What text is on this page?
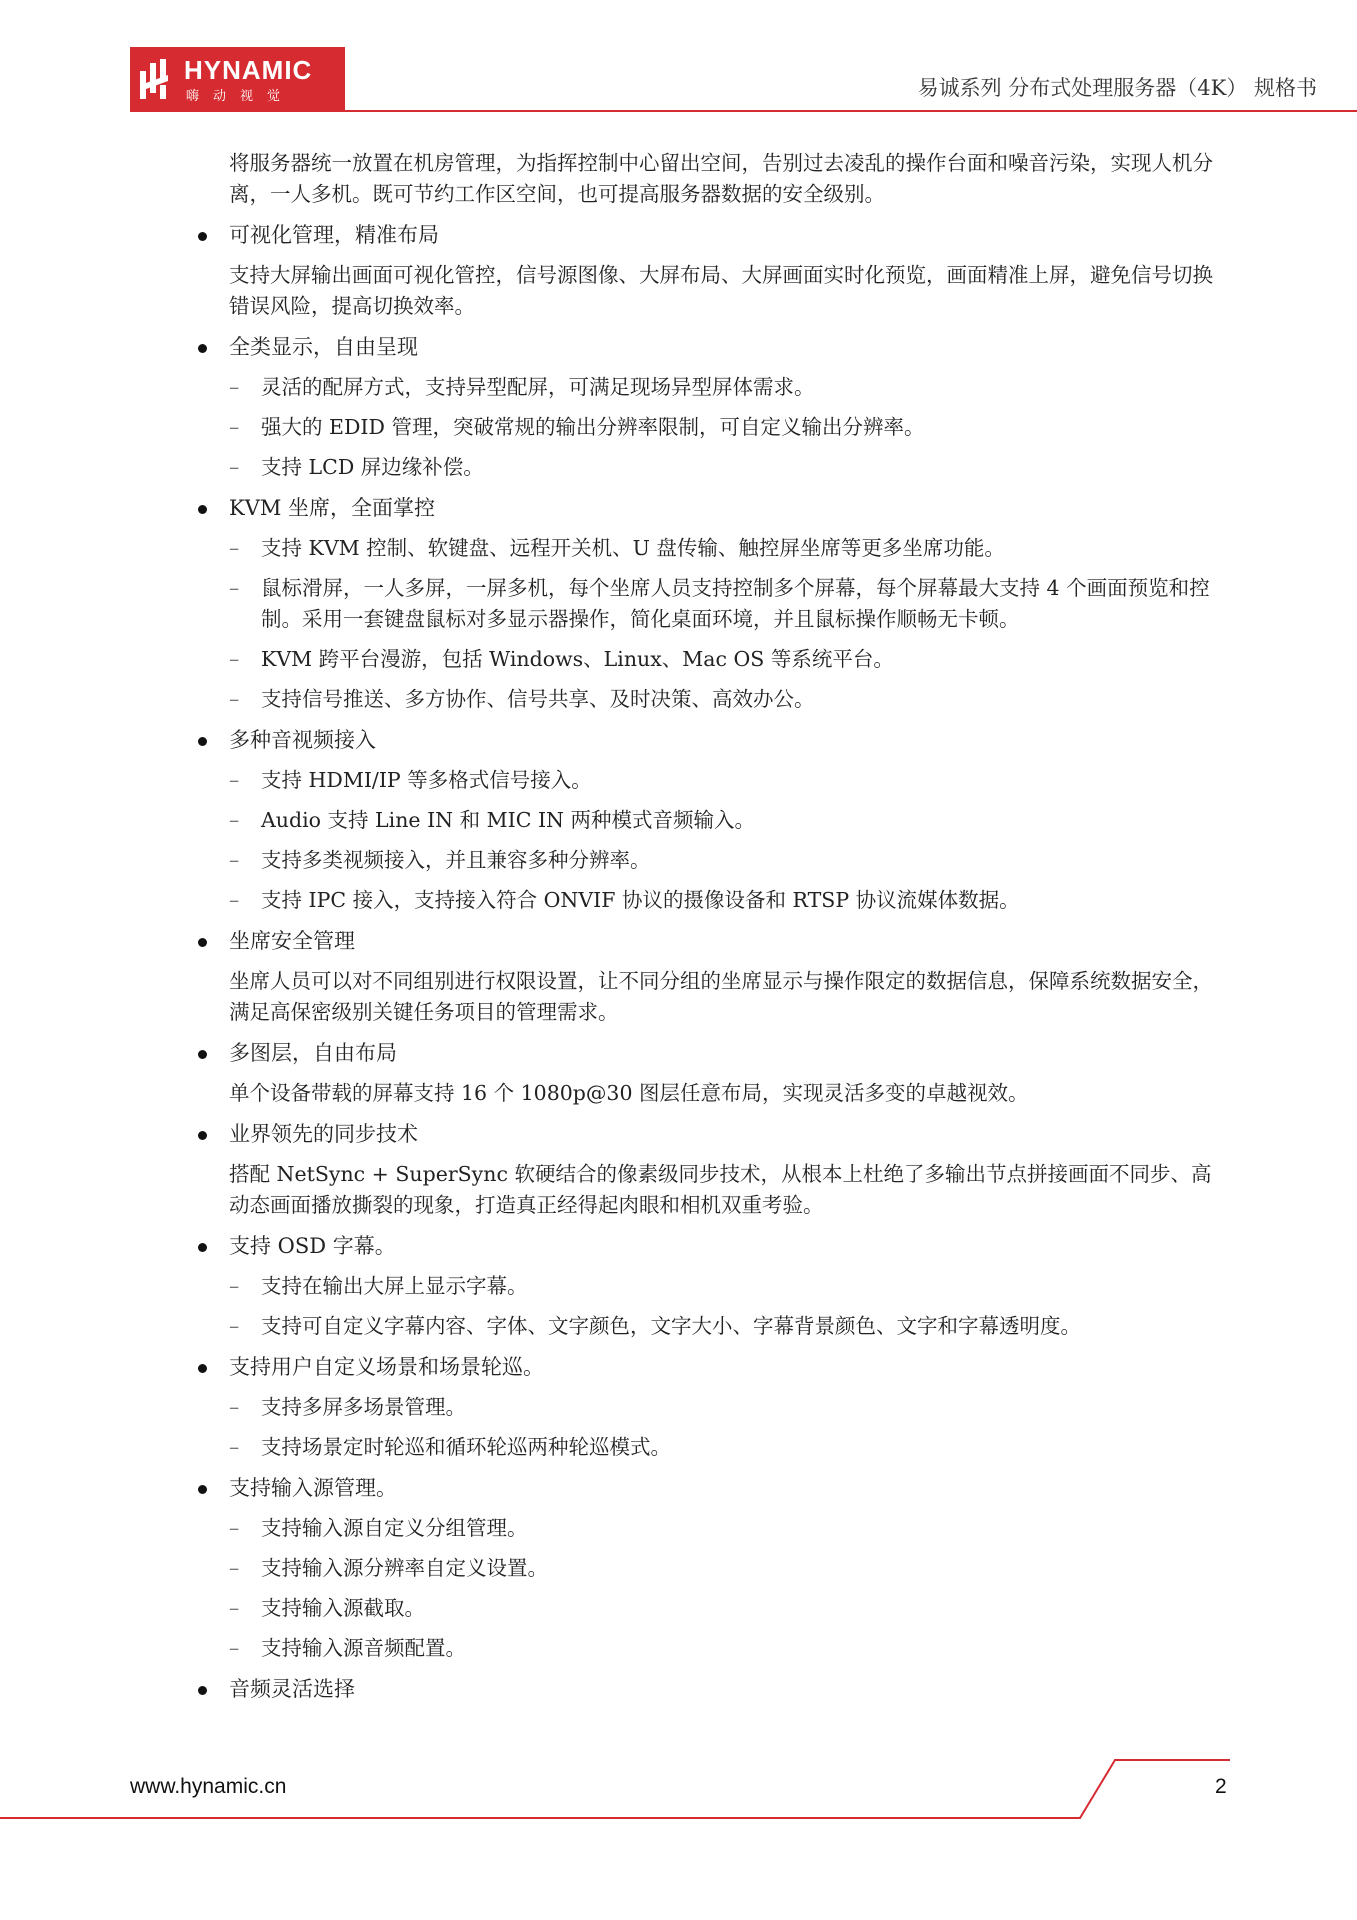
HYNAMIC
嗨动视觉	易诚系列 分布式处理服务器（4K） 规格书

将服务器统一放置在机房管理，为指挥控制中心留出空间，告别过去凌乱的操作台面和噪音污染，实现人机分离，一人多机。既可节约工作区空间，也可提高服务器数据的安全级别。

可视化管理，精准布局
支持大屏输出画面可视化管控，信号源图像、大屏布局、大屏画面实时化预览，画面精准上屏，避免信号切换错误风险，提高切换效率。
全类显示，自由呈现
– 灵活的配屏方式，支持异型配屏，可满足现场异型屏体需求。
– 强大的 EDID 管理，突破常规的输出分辨率限制，可自定义输出分辨率。
– 支持 LCD 屏边缘补偿。
KVM 坐席，全面掌控
– 支持 KVM 控制、软键盘、远程开关机、U 盘传输、触控屏坐席等更多坐席功能。
– 鼠标滑屏，一人多屏，一屏多机，每个坐席人员支持控制多个屏幕，每个屏幕最大支持 4 个画面预览和控制。采用一套键盘鼠标对多显示器操作，简化桌面环境，并且鼠标操作顺畅无卡顿。
– KVM 跨平台漫游，包括 Windows、Linux、Mac OS 等系统平台。
– 支持信号推送、多方协作、信号共享、及时决策、高效办公。
多种音视频接入
– 支持 HDMI/IP 等多格式信号接入。
– Audio 支持 Line IN 和 MIC IN 两种模式音频输入。
– 支持多类视频接入，并且兼容多种分辨率。
– 支持 IPC 接入，支持接入符合 ONVIF 协议的摄像设备和 RTSP 协议流媒体数据。
坐席安全管理
坐席人员可以对不同组别进行权限设置，让不同分组的坐席显示与操作限定的数据信息，保障系统数据安全，满足高保密级别关键任务项目的管理需求。
多图层，自由布局
单个设备带载的屏幕支持 16 个 1080p@30 图层任意布局，实现灵活多变的卓越视效。
业界领先的同步技术
搭配 NetSync + SuperSync 软硬结合的像素级同步技术，从根本上杜绝了多输出节点拼接画面不同步、高动态画面播放撕裂的现象，打造真正经得起肉眼和相机双重考验。
支持 OSD 字幕。
– 支持在输出大屏上显示字幕。
– 支持可自定义字幕内容、字体、文字颜色，文字大小、字幕背景颜色、文字和字幕透明度。
支持用户自定义场景和场景轮巡。
– 支持多屏多场景管理。
– 支持场景定时轮巡和循环轮巡两种轮巡模式。
支持输入源管理。
– 支持输入源自定义分组管理。
– 支持输入源分辨率自定义设置。
– 支持输入源截取。
– 支持输入源音频配置。
音频灵活选择
www.hynamic.cn	2
